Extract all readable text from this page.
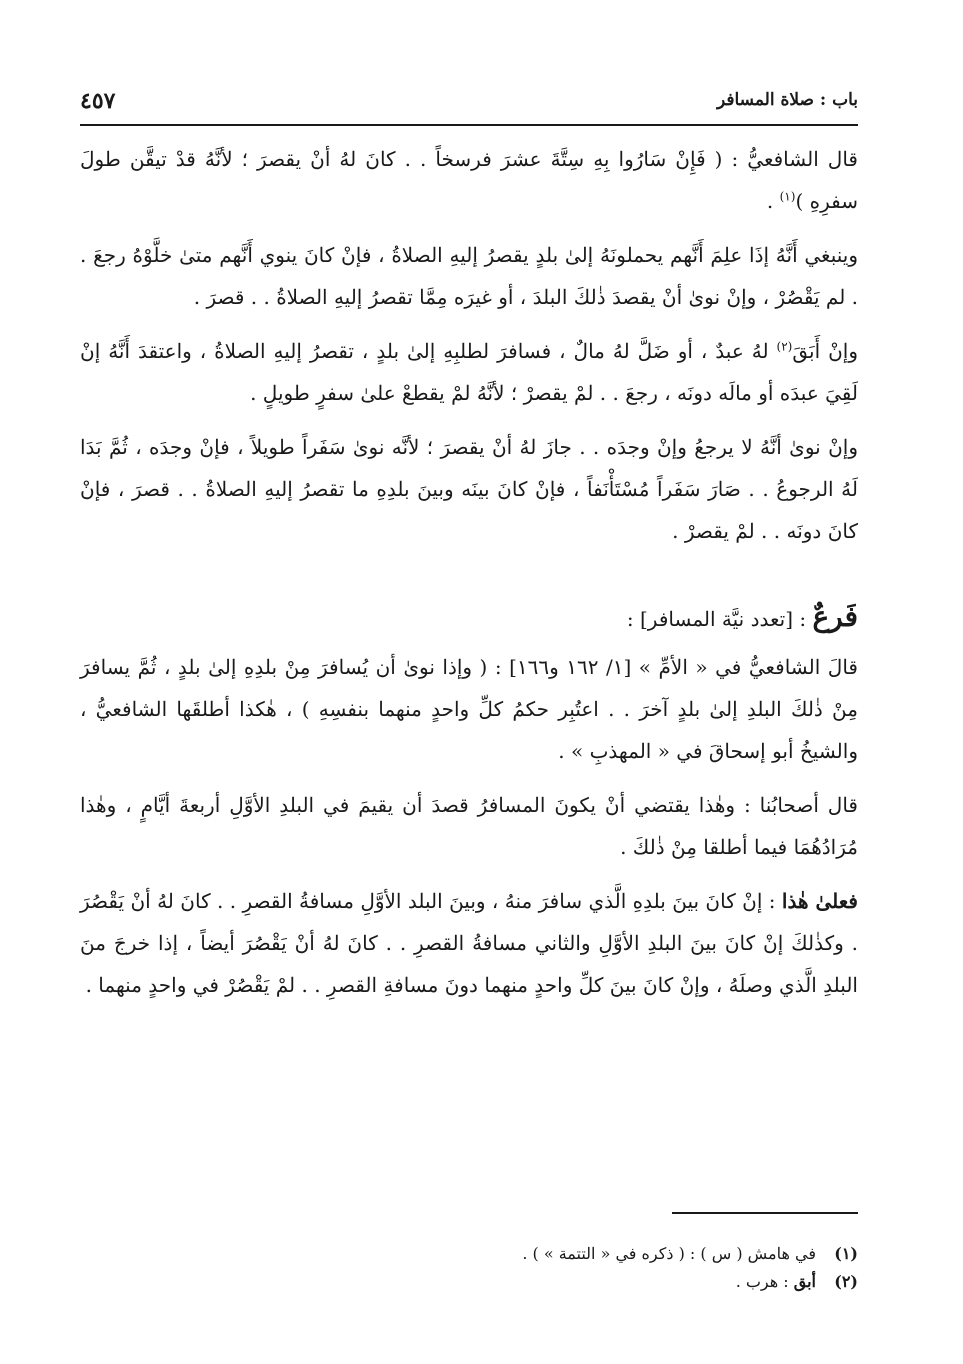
باب : صلاة المسافر
٤٥٧

قال الشافعيُّ : ( فَإِنْ سَارُوا بِهِ سِتَّةَ عشرَ فرسخاً . . كانَ لهُ أنْ يقصرَ ؛ لأنَّهُ قدْ تيقَّن طولَ سفرِهِ )$^{(١)}$ .

وينبغي أَنَّهُ إذَا علِمَ أَنَّهم يحملونَهُ إلىٰ بلدٍ يقصرُ إليهِ الصلاةُ ، فإنْ كانَ ينوي أَنَّهم متىٰ خلَّوْهُ رجعَ . . لم يَقْصُرْ ، وإنْ نوىٰ أنْ يقصدَ ذٰلكَ البلدَ ، أو غيرَه مِمَّا تقصرُ إليهِ الصلاةُ . . قصرَ .

وإنْ أَبَقَ$^{(٢)}$ لهُ عبدٌ ، أو ضَلَّ لهُ مالٌ ، فسافرَ لطلبِهِ إلىٰ بلدٍ ، تقصرُ إليهِ الصلاةُ ، واعتقدَ أَنَّهُ إنْ لَقِيَ عبدَه أو مالَه دونَه ، رجعَ . . لمْ يقصرْ ؛ لأنَّهُ لمْ يقطعْ علىٰ سفرٍ طويلٍ .

وإنْ نوىٰ أنَّهُ لا يرجعُ وإنْ وجدَه . . جازَ لهُ أنْ يقصرَ ؛ لأنَّه نوىٰ سَفَراً طويلاً ، فإنْ وجدَه ، ثُمَّ بَدَا لَهُ الرجوعُ . . صَارَ سَفَراً مُسْتَأْنَفاً ، فإنْ كانَ بينَه وبينَ بلدِهِ ما تقصرُ إليهِ الصلاةُ . . قصرَ ، فإنْ كانَ دونَه . . لمْ يقصرْ .

فَرعٌ : [تعدد نيَّة المسافر] :

قالَ الشافعيُّ في « الأمِّ » [١/ ١٦٢ و١٦٦] : ( وإذا نوىٰ أن يُسافرَ مِنْ بلدِهِ إلىٰ بلدٍ ، ثُمَّ يسافرَ مِنْ ذٰلكَ البلدِ إلىٰ بلدٍ آخرَ . . اعتُبِر حكمُ كلِّ واحدٍ منهما بنفسِهِ ) ، هٰكذا أطلقَها الشافعيُّ ، والشيخُ أبو إسحاقَ في « المهذبِ » .

قال أصحابُنا : وهٰذا يقتضي أنْ يكونَ المسافرُ قصدَ أن يقيمَ في البلدِ الأوَّلِ أربعةَ أيَّامٍ ، وهٰذا مُرَادُهُمَا فيما أطلقا مِنْ ذٰلكَ .

فعلىٰ هٰذا : إنْ كانَ بينَ بلدِهِ الَّذي سافرَ منهُ ، وبينَ البلد الأوَّلِ مسافةُ القصرِ . . كانَ لهُ أنْ يَقْصُرَ . وكذٰلكَ إنْ كانَ بينَ البلدِ الأوَّلِ والثاني مسافةُ القصرِ . . كانَ لهُ أنْ يَقْصُرَ أيضاً ، إذا خرجَ منَ البلدِ الَّذي وصلَهُ ، وإنْ كانَ بينَ كلِّ واحدٍ منهما دونَ مسافةِ القصرِ . . لمْ يَقْصُرْ في واحدٍ منهما .

(١)في هامش ( س ) : ( ذكره في « التتمة » ) .
(٢)أبق : هرب .
